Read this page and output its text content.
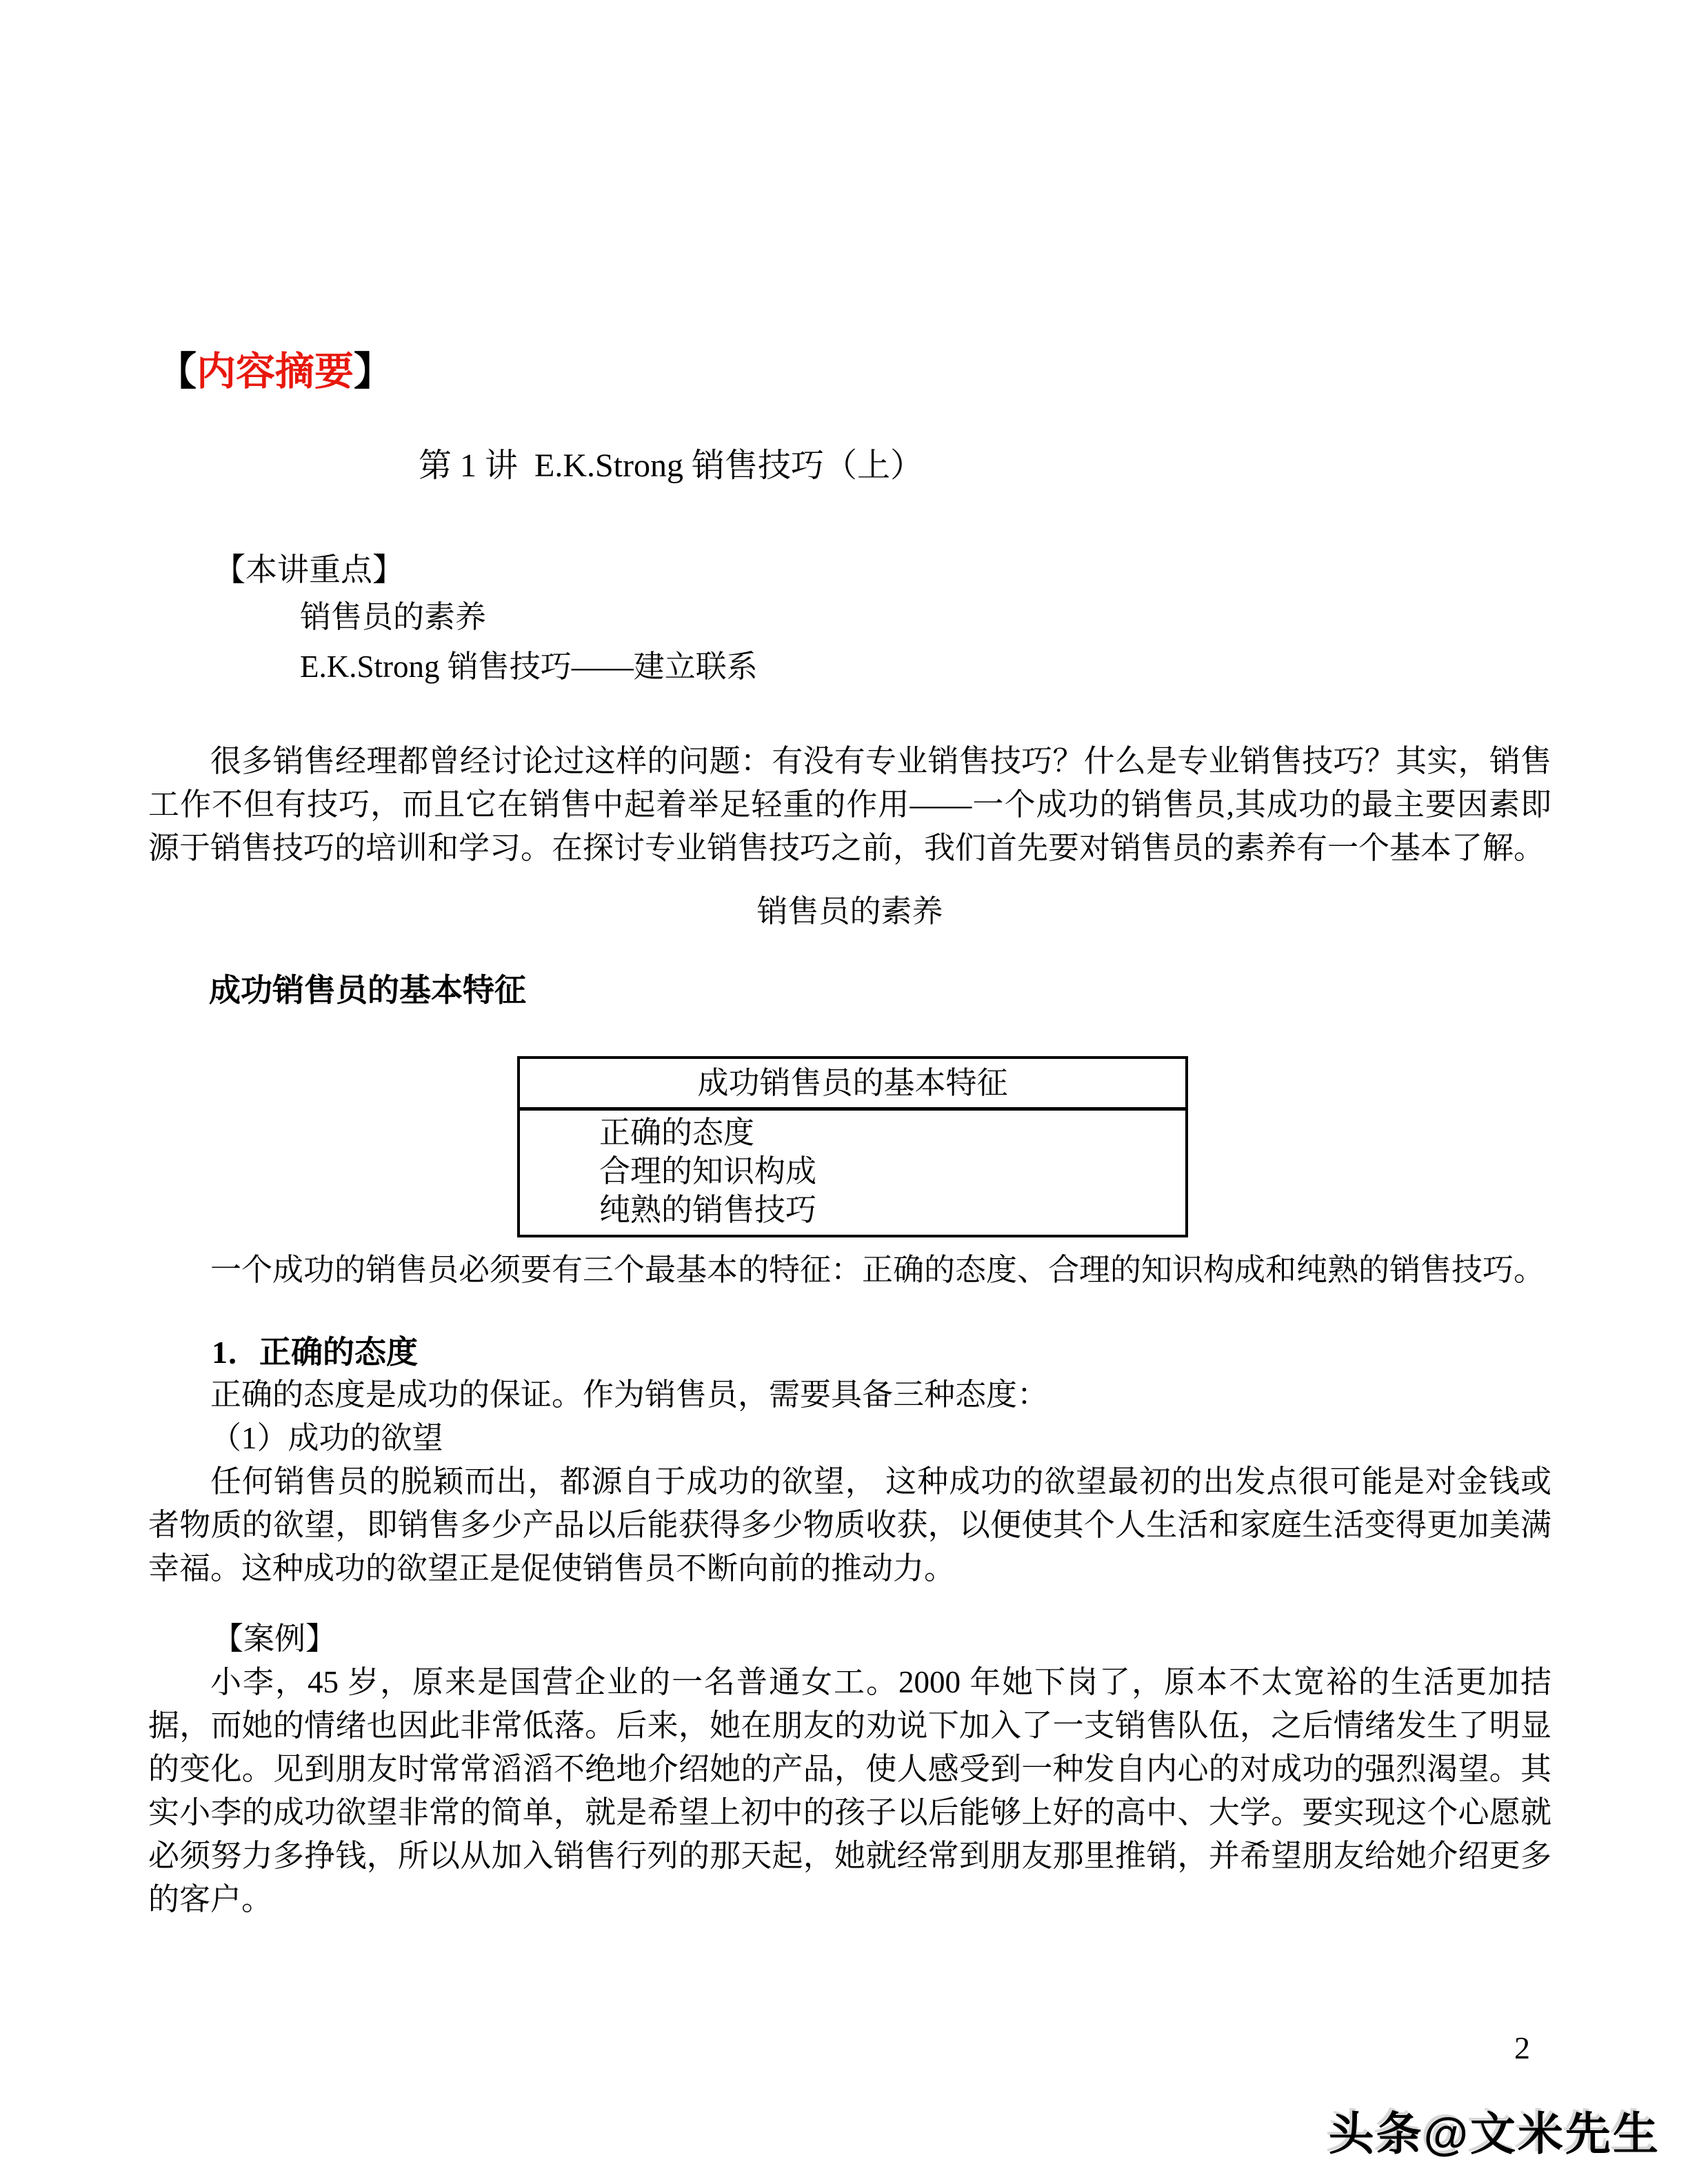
【内容摘要】
第 1 讲  E.K.Strong 销售技巧（上）
【本讲重点】
销售员的素养
E.K.Strong 销售技巧——建立联系

很多销售经理都曾经讨论过这样的问题：有没有专业销售技巧？什么是专业销售技巧？其实，销售工作不但有技巧，而且它在销售中起着举足轻重的作用——一个成功的销售员,其成功的最主要因素即源于销售技巧的培训和学习。在探讨专业销售技巧之前，我们首先要对销售员的素养有一个基本了解。

销售员的素养
成功销售员的基本特征
成功销售员的基本特征
正确的态度
合理的知识构成
纯熟的销售技巧

一个成功的销售员必须要有三个最基本的特征：正确的态度、合理的知识构成和纯熟的销售技巧。

1．正确的态度
正确的态度是成功的保证。作为销售员，需要具备三种态度：
（1）成功的欲望

任何销售员的脱颖而出，都源自于成功的欲望， 这种成功的欲望最初的出发点很可能是对金钱或者物质的欲望，即销售多少产品以后能获得多少物质收获，以便使其个人生活和家庭生活变得更加美满幸福。这种成功的欲望正是促使销售员不断向前的推动力。

【案例】

小李，45 岁，原来是国营企业的一名普通女工。2000 年她下岗了，原本不太宽裕的生活更加拮据，而她的情绪也因此非常低落。后来，她在朋友的劝说下加入了一支销售队伍，之后情绪发生了明显的变化。见到朋友时常常滔滔不绝地介绍她的产品，使人感受到一种发自内心的对成功的强烈渴望。其实小李的成功欲望非常的简单，就是希望上初中的孩子以后能够上好的高中、大学。要实现这个心愿就必须努力多挣钱，所以从加入销售行列的那天起，她就经常到朋友那里推销，并希望朋友给她介绍更多的客户。

2
头条@文米先生
